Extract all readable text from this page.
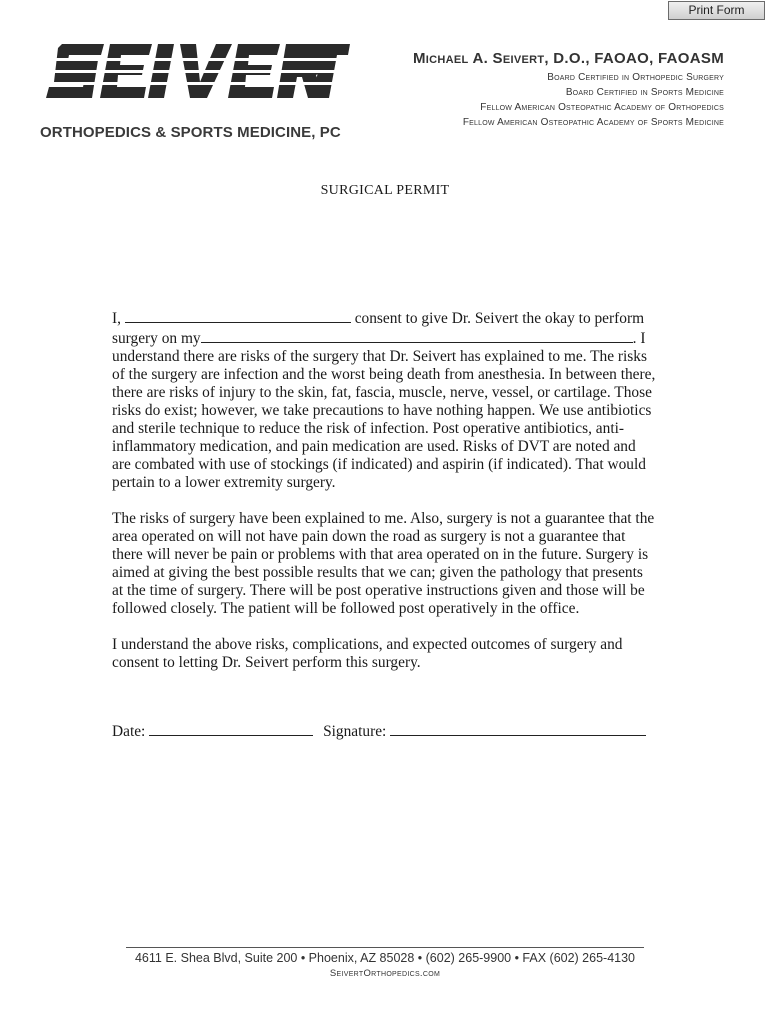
Print Form
ORTHOPEDICS & SPORTS MEDICINE, PC
Michael A. Seivert, D.O., FAOAO, FAOASM
Board Certified in Orthopedic Surgery
Board Certified in Sports Medicine
Fellow American Osteopathic Academy of Orthopedics
Fellow American Osteopathic Academy of Sports Medicine
SURGICAL PERMIT

I,	consent to give Dr. Seivert the okay to perform surgery on my	. I understand there are risks of the surgery that Dr. Seivert has explained to me. The risks of the surgery are infection and the worst being death from anesthesia. In between there, there are risks of injury to the skin, fat, fascia, muscle, nerve, vessel, or cartilage. Those risks do exist; however, we take precautions to have nothing happen. We use antibiotics and sterile technique to reduce the risk of infection. Post operative antibiotics, anti-inflammatory medication, and pain medication are used. Risks of DVT are noted and are combated with use of stockings (if indicated) and aspirin (if indicated). That would pertain to a lower extremity surgery.

The risks of surgery have been explained to me. Also, surgery is not a guarantee that the area operated on will not have pain down the road as surgery is not a guarantee that there will never be pain or problems with that area operated on in the future. Surgery is aimed at giving the best possible results that we can; given the pathology that presents at the time of surgery. There will be post operative instructions given and those will be followed closely. The patient will be followed post operatively in the office.

I understand the above risks, complications, and expected outcomes of surgery and consent to letting Dr. Seivert perform this surgery.

Date:	Signature:
4611 E. Shea Blvd, Suite 200 • Phoenix, AZ 85028 • (602) 265-9900 • FAX (602) 265-4130
SeivertOrthopedics.com
